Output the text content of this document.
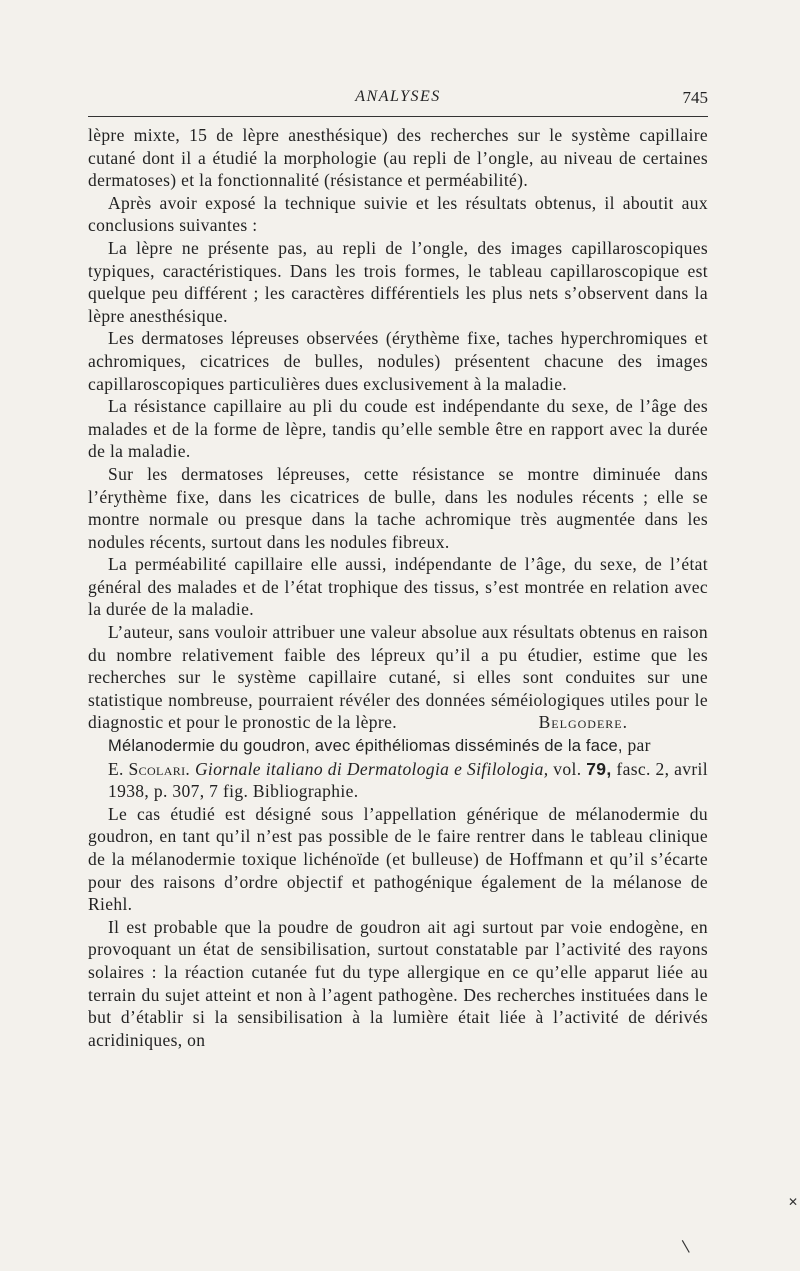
ANALYSES	745

lèpre mixte, 15 de lèpre anesthésique) des recherches sur le système capillaire cutané dont il a étudié la morphologie (au repli de l’ongle, au niveau de certaines dermatoses) et la fonctionnalité (résistance et perméabilité).

Après avoir exposé la technique suivie et les résultats obtenus, il aboutit aux conclusions suivantes :

La lèpre ne présente pas, au repli de l’ongle, des images capillaroscopiques typiques, caractéristiques. Dans les trois formes, le tableau capillaroscopique est quelque peu différent ; les caractères différentiels les plus nets s’observent dans la lèpre anesthésique.

Les dermatoses lépreuses observées (érythème fixe, taches hyperchromiques et achromiques, cicatrices de bulles, nodules) présentent chacune des images capillaroscopiques particulières dues exclusivement à la maladie.

La résistance capillaire au pli du coude est indépendante du sexe, de l’âge des malades et de la forme de lèpre, tandis qu’elle semble être en rapport avec la durée de la maladie.

Sur les dermatoses lépreuses, cette résistance se montre diminuée dans l’érythème fixe, dans les cicatrices de bulle, dans les nodules récents ; elle se montre normale ou presque dans la tache achromique très augmentée dans les nodules récents, surtout dans les nodules fibreux.

La perméabilité capillaire elle aussi, indépendante de l’âge, du sexe, de l’état général des malades et de l’état trophique des tissus, s’est montrée en relation avec la durée de la maladie.

L’auteur, sans vouloir attribuer une valeur absolue aux résultats obtenus en raison du nombre relativement faible des lépreux qu’il a pu étudier, estime que les recherches sur le système capillaire cutané, si elles sont conduites sur une statistique nombreuse, pourraient révéler des données séméiologiques utiles pour le diagnostic et pour le pronostic de la lèpre.	Belgodere.

Mélanodermie du goudron, avec épithéliomas disséminés de la face, par
E. Scolari. Giornale italiano di Dermatologia e Sifilologia, vol. 79, fasc. 2, avril 1938, p. 307, 7 fig. Bibliographie.

Le cas étudié est désigné sous l’appellation générique de mélanodermie du goudron, en tant qu’il n’est pas possible de le faire rentrer dans le tableau clinique de la mélanodermie toxique lichénoïde (et bulleuse) de Hoffmann et qu’il s’écarte pour des raisons d’ordre objectif et pathogénique également de la mélanose de Riehl.

Il est probable que la poudre de goudron ait agi surtout par voie endogène, en provoquant un état de sensibilisation, surtout constatable par l’activité des rayons solaires : la réaction cutanée fut du type allergique en ce qu’elle apparut liée au terrain du sujet atteint et non à l’agent pathogène. Des recherches instituées dans le but d’établir si la sensibilisation à la lumière était liée à l’activité de dérivés acridiniques, on

✕
❘
